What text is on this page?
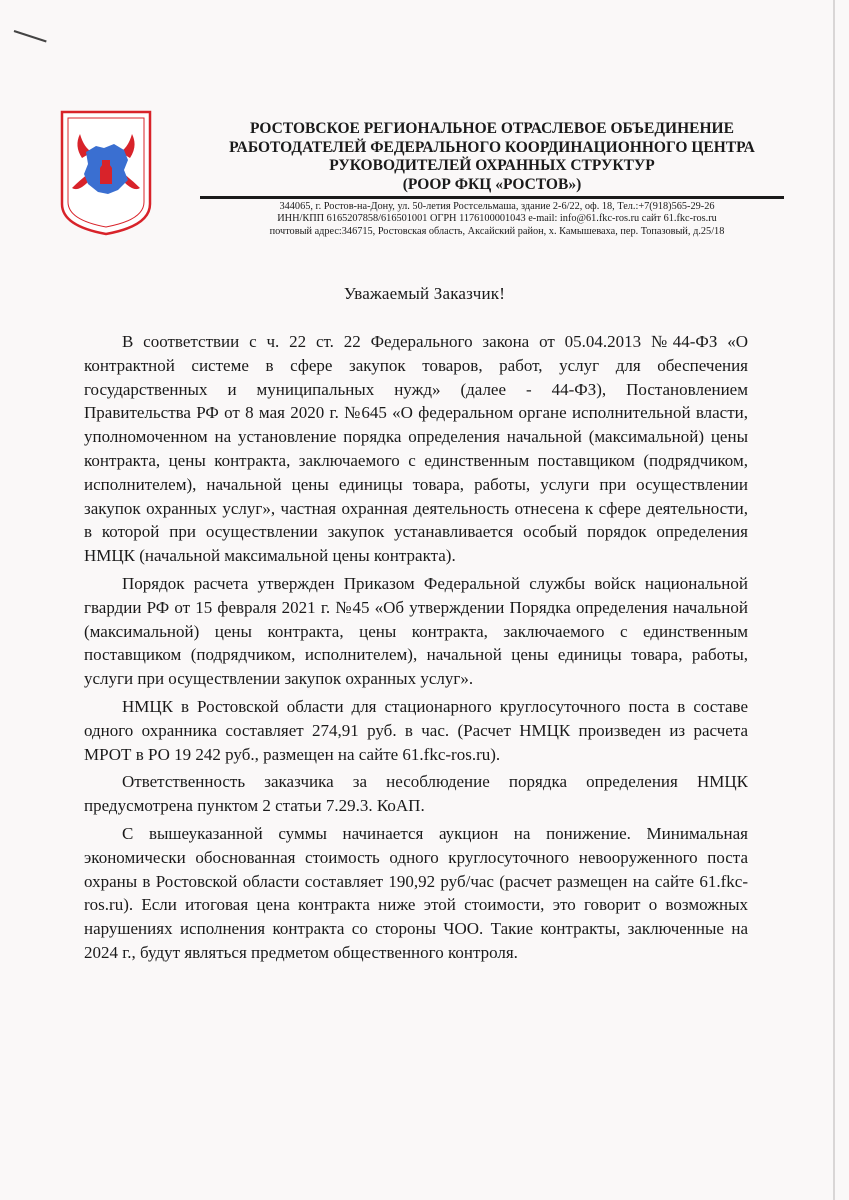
РОСТОВСКОЕ РЕГИОНАЛЬНОЕ ОТРАСЛЕВОЕ ОБЪЕДИНЕНИЕ

РАБОТОДАТЕЛЕЙ ФЕДЕРАЛЬНОГО КООРДИНАЦИОННОГО ЦЕНТРА

РУКОВОДИТЕЛЕЙ ОХРАННЫХ СТРУКТУР

(РООР ФКЦ «РОСТОВ»)

344065, г. Ростов-на-Дону, ул. 50-летия Ростсельмаша, здание 2-6/22, оф. 18, Тел.:+7(918)565-29-26
ИНН/КПП 6165207858/616501001 ОГРН 1176100001043 e-mail: info@61.fkc-ros.ru сайт 61.fkc-ros.ru
почтовый адрес:346715, Ростовская область, Аксайский район, х. Камышеваха, пер. Топазовый, д.25/18
Уважаемый Заказчик!

В соответствии с ч. 22 ст. 22 Федерального закона от 05.04.2013 №44-ФЗ «О контрактной системе в сфере закупок товаров, работ, услуг для обеспечения государственных и муниципальных нужд» (далее - 44-ФЗ), Постановлением Правительства РФ от 8 мая 2020 г. №645 «О федеральном органе исполнительной власти, уполномоченном на установление порядка определения начальной (максимальной) цены контракта, цены контракта, заключаемого с единственным поставщиком (подрядчиком, исполнителем), начальной цены единицы товара, работы, услуги при осуществлении закупок охранных услуг», частная охранная деятельность отнесена к сфере деятельности, в которой при осуществлении закупок устанавливается особый порядок определения НМЦК (начальной максимальной цены контракта).

Порядок расчета утвержден Приказом Федеральной службы войск национальной гвардии РФ от 15 февраля 2021 г. №45 «Об утверждении Порядка определения начальной (максимальной) цены контракта, цены контракта, заключаемого с единственным поставщиком (подрядчиком, исполнителем), начальной цены единицы товара, работы, услуги при осуществлении закупок охранных услуг».

НМЦК в Ростовской области для стационарного круглосуточного поста в составе одного охранника составляет 274,91 руб. в час. (Расчет НМЦК произведен из расчета МРОТ в РО 19 242 руб., размещен на сайте 61.fkc-ros.ru).

Ответственность заказчика за несоблюдение порядка определения НМЦК предусмотрена пунктом 2 статьи 7.29.3. КоАП.

С вышеуказанной суммы начинается аукцион на понижение. Минимальная экономически обоснованная стоимость одного круглосуточного невооруженного поста охраны в Ростовской области составляет 190,92 руб/час (расчет размещен на сайте 61.fkc-ros.ru). Если итоговая цена контракта ниже этой стоимости, это говорит о возможных нарушениях исполнения контракта со стороны ЧОО. Такие контракты, заключенные на 2024 г., будут являться предметом общественного контроля.
